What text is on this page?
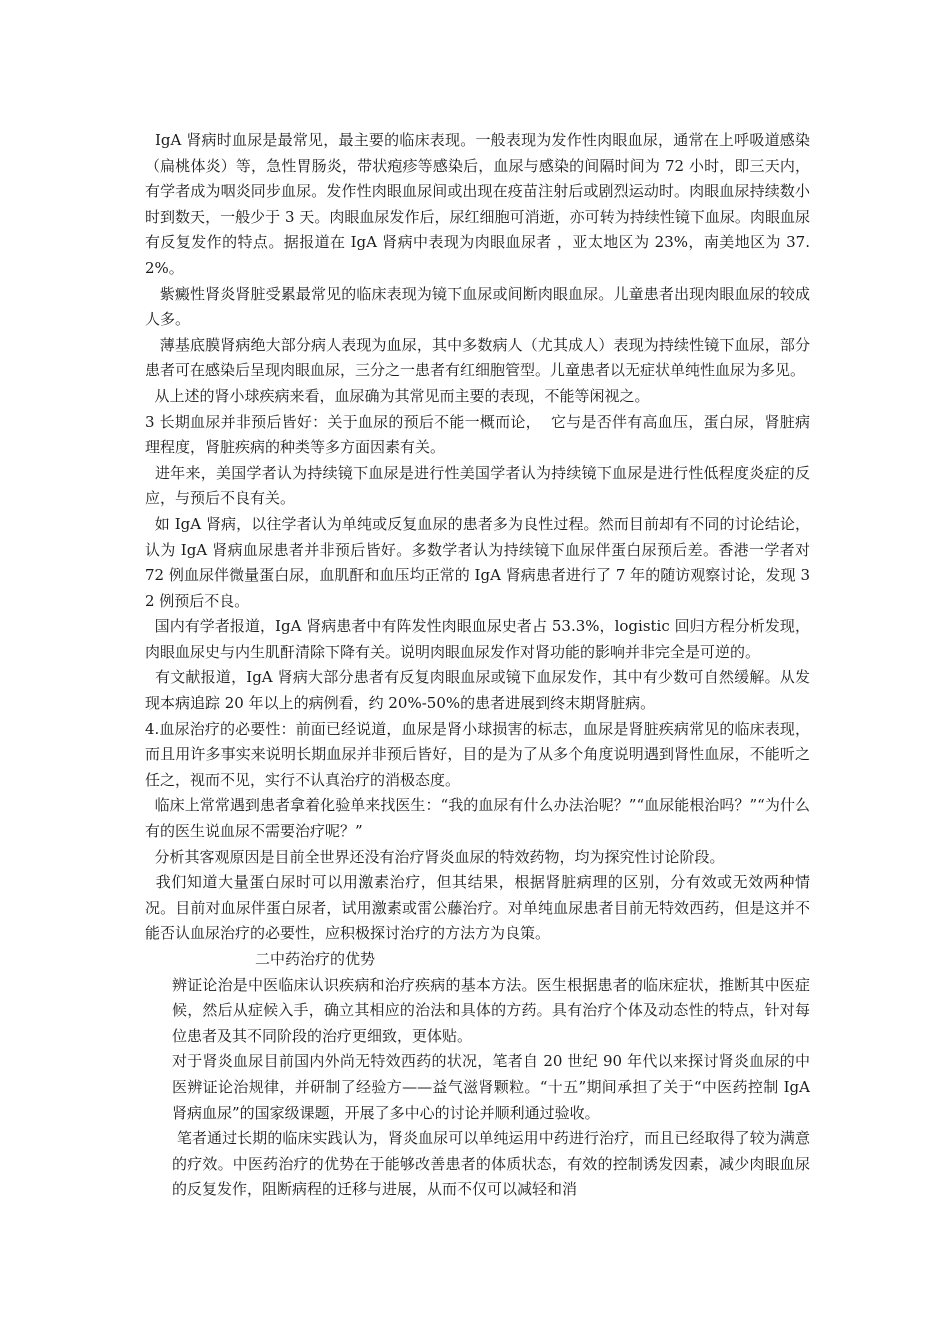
IgA 肾病时血尿是最常见，最主要的临床表现。一般表现为发作性肉眼血尿，通常在上呼吸道感染（扁桃体炎）等，急性胃肠炎，带状疱疹等感染后，血尿与感染的间隔时间为 72 小时，即三天内，有学者成为咽炎同步血尿。发作性肉眼血尿间或出现在疫苗注射后或剧烈运动时。肉眼血尿持续数小时到数天，一般少于 3 天。肉眼血尿发作后，尿红细胞可消逝，亦可转为持续性镜下血尿。肉眼血尿有反复发作的特点。据报道在 IgA 肾病中表现为肉眼血尿者 ，亚太地区为 23%，南美地区为 37.2%。

紫癜性肾炎肾脏受累最常见的临床表现为镜下血尿或间断肉眼血尿。儿童患者出现肉眼血尿的较成人多。

薄基底膜肾病绝大部分病人表现为血尿，其中多数病人（尤其成人）表现为持续性镜下血尿，部分患者可在感染后呈现肉眼血尿，三分之一患者有红细胞管型。儿童患者以无症状单纯性血尿为多见。

从上述的肾小球疾病来看，血尿确为其常见而主要的表现，不能等闲视之。

3 长期血尿并非预后皆好：关于血尿的预后不能一概而论，  它与是否伴有高血压，蛋白尿，肾脏病理程度，肾脏疾病的种类等多方面因素有关。

进年来，美国学者认为持续镜下血尿是进行性美国学者认为持续镜下血尿是进行性低程度炎症的反应，与预后不良有关。

如 IgA 肾病，以往学者认为单纯或反复血尿的患者多为良性过程。然而目前却有不同的讨论结论，认为 IgA 肾病血尿患者并非预后皆好。多数学者认为持续镜下血尿伴蛋白尿预后差。香港一学者对 72 例血尿伴微量蛋白尿，血肌酐和血压均正常的 IgA 肾病患者进行了 7 年的随访观察讨论，发现 32 例预后不良。

国内有学者报道，IgA 肾病患者中有阵发性肉眼血尿史者占 53.3%，logistic 回归方程分析发现，肉眼血尿史与内生肌酐清除下降有关。说明肉眼血尿发作对肾功能的影响并非完全是可逆的。

有文献报道，IgA 肾病大部分患者有反复肉眼血尿或镜下血尿发作，其中有少数可自然缓解。从发现本病追踪 20 年以上的病例看，约 20%-50%的患者进展到终末期肾脏病。

4.血尿治疗的必要性：前面已经说道，血尿是肾小球损害的标志，血尿是肾脏疾病常见的临床表现，而且用许多事实来说明长期血尿并非预后皆好，目的是为了从多个角度说明遇到肾性血尿，不能听之任之，视而不见，实行不认真治疗的消极态度。

临床上常常遇到患者拿着化验单来找医生：“我的血尿有什么办法治呢？”“血尿能根治吗？”“为什么有的医生说血尿不需要治疗呢？”

分析其客观原因是目前全世界还没有治疗肾炎血尿的特效药物，均为探究性讨论阶段。

我们知道大量蛋白尿时可以用激素治疗，但其结果，根据肾脏病理的区别，分有效或无效两种情况。目前对血尿伴蛋白尿者，试用激素或雷公藤治疗。对单纯血尿患者目前无特效西药，但是这并不能否认血尿治疗的必要性，应积极探讨治疗的方法方为良策。

二中药治疗的优势

辨证论治是中医临床认识疾病和治疗疾病的基本方法。医生根据患者的临床症状，推断其中医症候，然后从症候入手，确立其相应的治法和具体的方药。具有治疗个体及动态性的特点，针对每位患者及其不同阶段的治疗更细致，更体贴。

对于肾炎血尿目前国内外尚无特效西药的状况，笔者自 20 世纪 90 年代以来探讨肾炎血尿的中医辨证论治规律，并研制了经验方——益气滋肾颗粒。“十五”期间承担了关于“中医药控制 IgA 肾病血尿”的国家级课题，开展了多中心的讨论并顺利通过验收。

笔者通过长期的临床实践认为，肾炎血尿可以单纯运用中药进行治疗，而且已经取得了较为满意的疗效。中医药治疗的优势在于能够改善患者的体质状态，有效的控制诱发因素，减少肉眼血尿的反复发作，阻断病程的迁移与进展，从而不仅可以减轻和消
